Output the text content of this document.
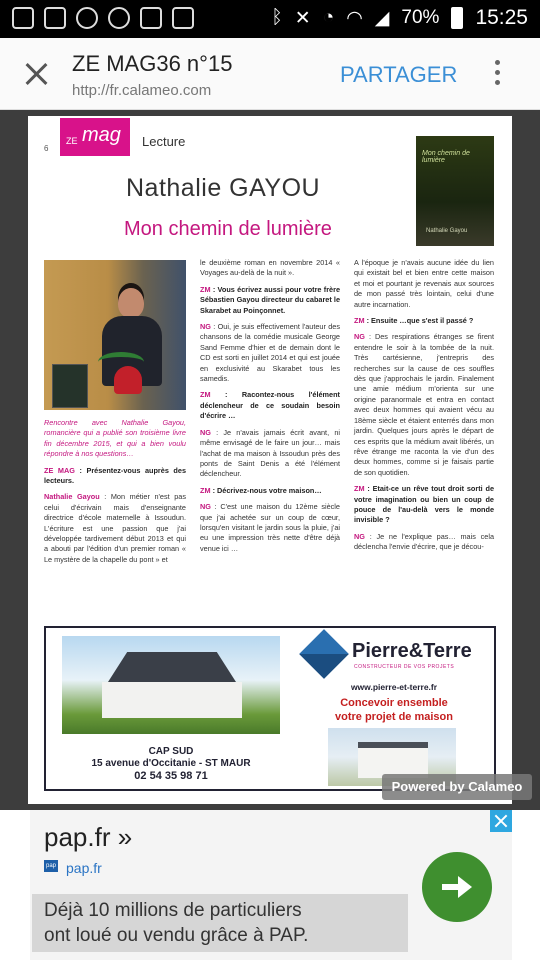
ᛒ ✕ ◔ ◠ ◢ 70% 15:25
ZE MAG36 n°15
http://fr.calameo.com
PARTAGER
6
ZE mag Lecture
Nathalie GAYOU
Mon chemin de lumière
Mon chemin de lumière
Nathalie Gayou

Rencontre avec Nathalie Gayou, romancière qui a publié son troisième livre fin décembre 2015, et qui a bien voulu répondre à nos questions…

ZE MAG : Présentez-vous auprès des lecteurs.

Nathalie Gayou : Mon métier n'est pas celui d'écrivain mais d'enseignante directrice d'école maternelle à Issoudun. L'écriture est une passion que j'ai développée tardivement début 2013 et qui a abouti par l'édition d'un premier roman « Le mystère de la chapelle du pont » et

le deuxième roman en novembre 2014 « Voyages au-delà de la nuit ».

ZM : Vous écrivez aussi pour votre frère Sébastien Gayou directeur du cabaret le Skarabet au Poinçonnet.

NG : Oui, je suis effectivement l'auteur des chansons de la comédie musicale George Sand Femme d'hier et de demain dont le CD est sorti en juillet 2014 et qui est jouée en exclusivité au Skarabet tous les samedis.

ZM : Racontez-nous l'élément déclencheur de ce soudain besoin d'écrire …

NG : Je n'avais jamais écrit avant, ni même envisagé de le faire un jour… mais l'achat de ma maison à Issoudun près des ponts de Saint Denis a été l'élément déclencheur.

ZM : Décrivez-nous votre maison…

NG : C'est une maison du 12ème siècle que j'ai achetée sur un coup de cœur, lorsqu'en visitant le jardin sous la pluie, j'ai eu une impression très nette d'être déjà venue ici …

A l'époque je n'avais aucune idée du lien qui existait bel et bien entre cette maison et moi et pourtant je revenais aux sources de mon passé très lointain, celui d'une autre incarnation.

ZM : Ensuite …que s'est il passé ?

NG : Des respirations étranges se firent entendre le soir à la tombée de la nuit. Très cartésienne, j'entrepris des recherches sur la cause de ces souffles dès que j'approchais le jardin. Finalement une amie médium m'orienta sur une origine paranormale et entra en contact avec deux hommes qui avaient vécu au 18ème siècle et étaient enterrés dans mon jardin. Quelques jours après le départ de ces esprits que la médium avait libérés, un rêve étrange me raconta la vie d'un des deux hommes, comme si je faisais partie de son quotidien.

ZM : Etait-ce un rêve tout droit sorti de votre imagination ou bien un coup de pouce de l'au-delà vers le monde invisible ?

NG : Je ne l'explique pas… mais cela déclencha l'envie d'écrire, que je décou-

CAP SUD
15 avenue d'Occitanie - ST MAUR
02 54 35 98 71
Pierre&Terre
CONSTRUCTEUR DE VOS PROJETS
www.pierre-et-terre.fr
Concevoir ensemble
votre projet de maison
Powered by Calameo
pap.fr »
pap pap.fr
Déjà 10 millions de particuliers
ont loué ou vendu grâce à PAP.
